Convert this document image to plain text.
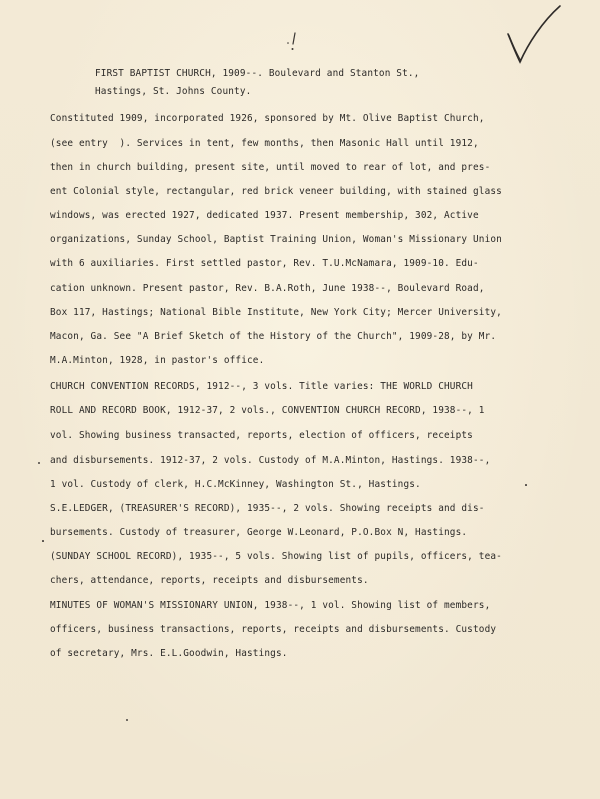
FIRST BAPTIST CHURCH, 1909--. Boulevard and Stanton St.,
Hastings, St. Johns County.
Constituted 1909, incorporated 1926, sponsored by Mt. Olive Baptist Church,
(see entry  ). Services in tent, few months, then Masonic Hall until 1912,
then in church building, present site, until moved to rear of lot, and pres-
ent Colonial style, rectangular, red brick veneer building, with stained glass
windows, was erected 1927, dedicated 1937. Present membership, 302, Active
organizations, Sunday School, Baptist Training Union, Woman's Missionary Union
with 6 auxiliaries. First settled pastor, Rev. T.U.McNamara, 1909-10. Edu-
cation unknown. Present pastor, Rev. B.A.Roth, June 1938--, Boulevard Road,
Box 117, Hastings; National Bible Institute, New York City; Mercer University,
Macon, Ga. See "A Brief Sketch of the History of the Church", 1909-28, by Mr.
M.A.Minton, 1928, in pastor's office.
CHURCH CONVENTION RECORDS, 1912--, 3 vols. Title varies: THE WORLD CHURCH
ROLL AND RECORD BOOK, 1912-37, 2 vols., CONVENTION CHURCH RECORD, 1938--, 1
vol. Showing business transacted, reports, election of officers, receipts
and disbursements. 1912-37, 2 vols. Custody of M.A.Minton, Hastings. 1938--,
1 vol. Custody of clerk, H.C.McKinney, Washington St., Hastings.
S.E.LEDGER, (TREASURER'S RECORD), 1935--, 2 vols. Showing receipts and dis-
bursements. Custody of treasurer, George W.Leonard, P.O.Box N, Hastings.
(SUNDAY SCHOOL RECORD), 1935--, 5 vols. Showing list of pupils, officers, tea-
chers, attendance, reports, receipts and disbursements.
MINUTES OF WOMAN'S MISSIONARY UNION, 1938--, 1 vol. Showing list of members,
officers, business transactions, reports, receipts and disbursements. Custody
of secretary, Mrs. E.L.Goodwin, Hastings.
